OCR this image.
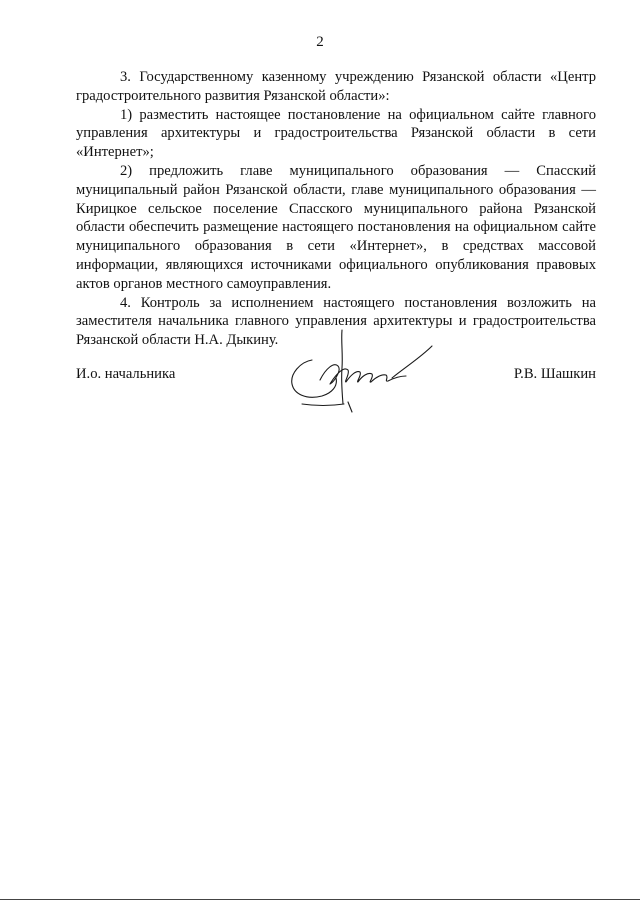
2

3. Государственному казенному учреждению Рязанской области «Центр градостроительного развития Рязанской области»:

1) разместить настоящее постановление на официальном сайте главного управления архитектуры и градостроительства Рязанской области в сети «Интернет»;

2) предложить главе муниципального образования — Спасский муниципальный район Рязанской области, главе муниципального образования — Кирицкое сельское поселение Спасского муниципального района Рязанской области обеспечить размещение настоящего постановления на официальном сайте муниципального образования в сети «Интернет», в средствах массовой информации, являющихся источниками официального опубликования правовых актов органов местного самоуправления.

4. Контроль за исполнением настоящего постановления возложить на заместителя начальника главного управления архитектуры и градостроительства Рязанской области Н.А. Дыкину.

И.о. начальника	Р.В. Шашкин
